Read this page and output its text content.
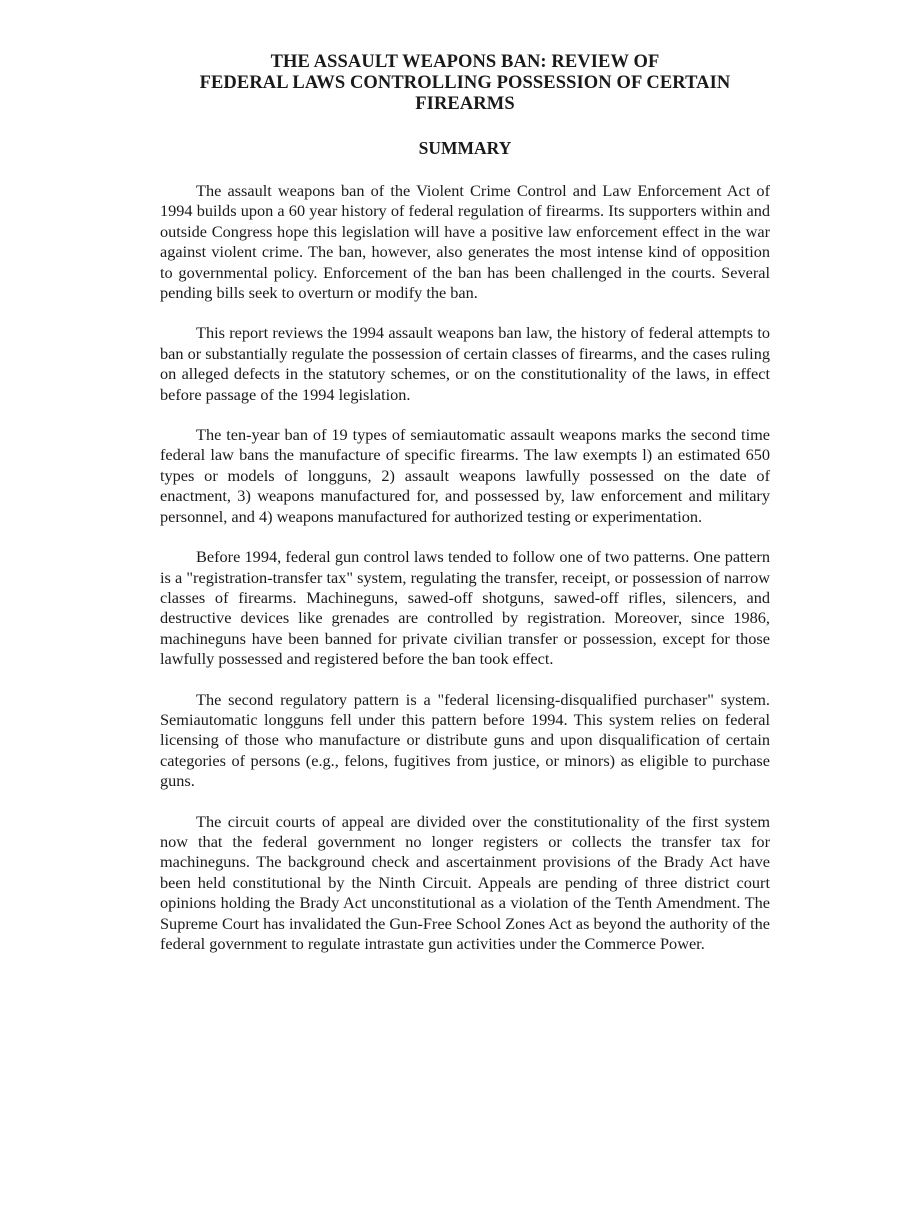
THE ASSAULT WEAPONS BAN: REVIEW OF
FEDERAL LAWS CONTROLLING POSSESSION OF CERTAIN
FIREARMS
SUMMARY

The assault weapons ban of the Violent Crime Control and Law Enforcement Act of 1994 builds upon a 60 year history of federal regulation of firearms. Its supporters within and outside Congress hope this legislation will have a positive law enforcement effect in the war against violent crime. The ban, however, also generates the most intense kind of opposition to governmental policy. Enforcement of the ban has been challenged in the courts. Several pending bills seek to overturn or modify the ban.

This report reviews the 1994 assault weapons ban law, the history of federal attempts to ban or substantially regulate the possession of certain classes of firearms, and the cases ruling on alleged defects in the statutory schemes, or on the constitutionality of the laws, in effect before passage of the 1994 legislation.

The ten-year ban of 19 types of semiautomatic assault weapons marks the second time federal law bans the manufacture of specific firearms. The law exempts l) an estimated 650 types or models of longguns, 2) assault weapons lawfully possessed on the date of enactment, 3) weapons manufactured for, and possessed by, law enforcement and military personnel, and 4) weapons manufactured for authorized testing or experimentation.

Before 1994, federal gun control laws tended to follow one of two patterns. One pattern is a "registration-transfer tax" system, regulating the transfer, receipt, or possession of narrow classes of firearms. Machineguns, sawed-off shotguns, sawed-off rifles, silencers, and destructive devices like grenades are controlled by registration. Moreover, since 1986, machineguns have been banned for private civilian transfer or possession, except for those lawfully possessed and registered before the ban took effect.

The second regulatory pattern is a "federal licensing-disqualified purchaser" system. Semiautomatic longguns fell under this pattern before 1994. This system relies on federal licensing of those who manufacture or distribute guns and upon disqualification of certain categories of persons (e.g., felons, fugitives from justice, or minors) as eligible to purchase guns.

The circuit courts of appeal are divided over the constitutionality of the first system now that the federal government no longer registers or collects the transfer tax for machineguns. The background check and ascertainment provisions of the Brady Act have been held constitutional by the Ninth Circuit. Appeals are pending of three district court opinions holding the Brady Act unconstitutional as a violation of the Tenth Amendment. The Supreme Court has invalidated the Gun-Free School Zones Act as beyond the authority of the federal government to regulate intrastate gun activities under the Commerce Power.
